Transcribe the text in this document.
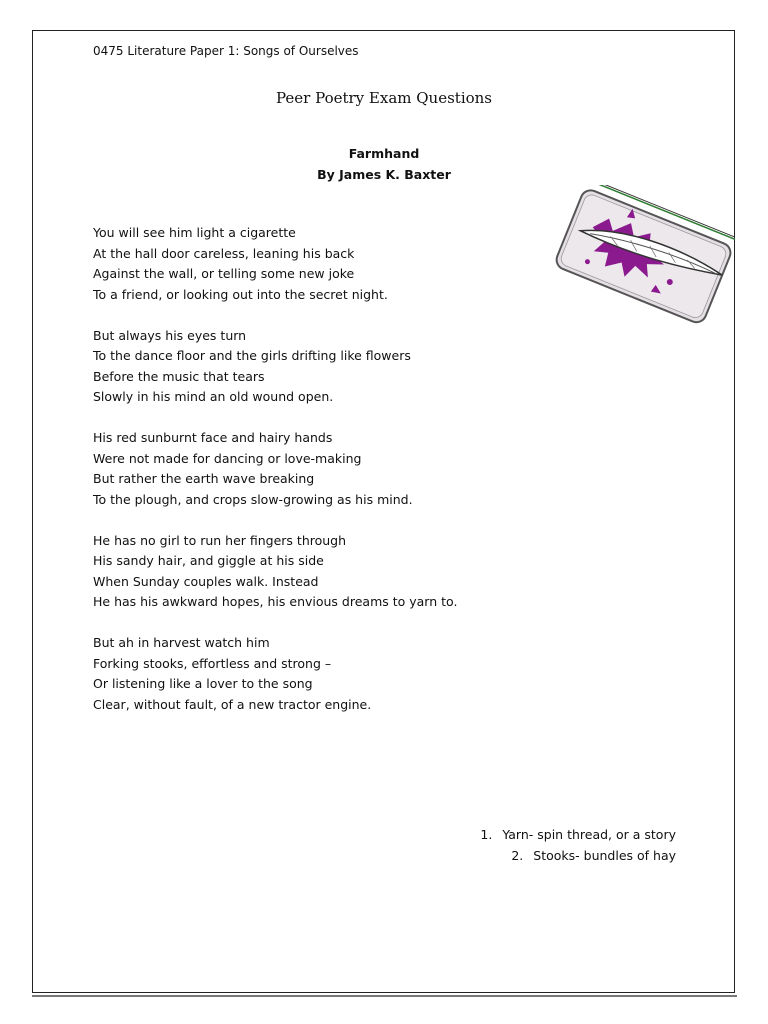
0475 Literature Paper 1: Songs of Ourselves

Peer Poetry Exam Questions

Farmhand

By James K. Baxter

You will see him light a cigarette
At the hall door careless, leaning his back
Against the wall, or telling some new joke
To a friend, or looking out into the secret night.
But always his eyes turn
To the dance floor and the girls drifting like flowers
Before the music that tears
Slowly in his mind an old wound open.
His red sunburnt face and hairy hands
Were not made for dancing or love-making
But rather the earth wave breaking
To the plough, and crops slow-growing as his mind.
He has no girl to run her fingers through
His sandy hair, and giggle at his side
When Sunday couples walk. Instead
He has his awkward hopes, his envious dreams to yarn to.
But ah in harvest watch him
Forking stooks, effortless and strong –
Or listening like a lover to the song
Clear, without fault, of a new tractor engine.
1. Yarn- spin thread, or a story
2. Stooks- bundles of hay
